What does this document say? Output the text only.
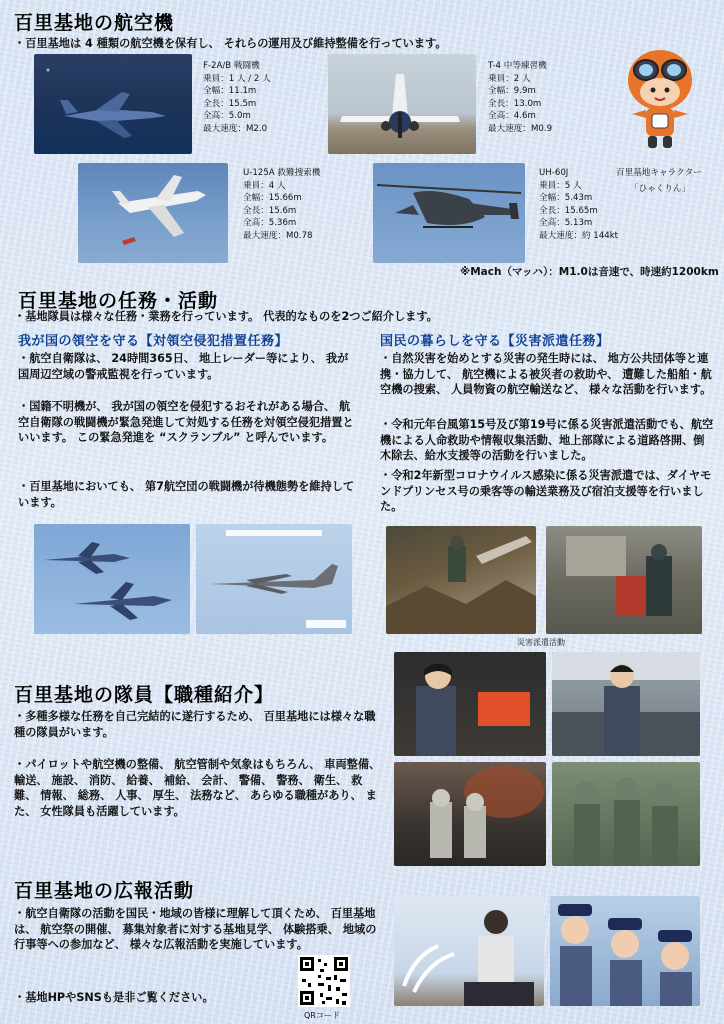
百里基地の航空機
・百里基地は 4 種類の航空機を保有し、 それらの運用及び維持整備を行っています。
F-2A/B 戦闘機
乗員：1 人 / 2 人
全幅：11.1m
全長：15.5m
全高：5.0m
最大速度：M2.0
T-4 中等練習機
乗員：2 人
全幅：9.9m
全長：13.0m
全高：4.6m
最大速度：M0.9
U-125A 救難捜索機
乗員：4 人
全幅：15.66m
全長：15.6m
全高：5.36m
最大速度：M0.78
UH-60J
乗員：5 人
全幅：5.43m
全長：15.65m
全高：5.13m
最大速度：約 144kt
百里基地キャラクター
「ひゃくりん」
※Mach（マッハ）：M1.0は音速で、時速約1200km
百里基地の任務・活動
・基地隊員は様々な任務・業務を行っています。 代表的なものを2つご紹介します。
我が国の領空を守る【対領空侵犯措置任務】
・航空自衛隊は、 24時間365日、 地上レーダー等により、 我が国周辺空域の警戒監視を行っています。
・国籍不明機が、 我が国の領空を侵犯するおそれがある場合、 航空自衛隊の戦闘機が緊急発進して対処する任務を対領空侵犯措置といいます。 この緊急発進を “スクランブル” と呼んでいます。
・百里基地においても、 第7航空団の戦闘機が待機態勢を維持しています。
国民の暮らしを守る【災害派遣任務】
・自然災害を始めとする災害の発生時には、 地方公共団体等と連携・協力して、 航空機による被災者の救助や、 遭難した船舶・航空機の捜索、 人員物資の航空輸送など、 様々な活動を行います。
・令和元年台風第15号及び第19号に係る災害派遣活動でも、航空機による人命救助や情報収集活動、地上部隊による道路啓開、倒木除去、給水支援等の活動を行いました。
・令和2年新型コロナウイルス感染に係る災害派遣では、ダイヤモンドプリンセス号の乗客等の輸送業務及び宿泊支援等を行いました。
災害派遣活動
百里基地の隊員【職種紹介】
・多種多様な任務を自己完結的に遂行するため、 百里基地には様々な職種の隊員がいます。
・パイロットや航空機の整備、 航空管制や気象はもちろん、 車両整備、 輸送、 施設、 消防、 給養、 補給、 会計、 警備、 警務、 衛生、 救難、 情報、 総務、 人事、 厚生、 法務など、 あらゆる職種があり、 また、 女性隊員も活躍しています。
百里基地の広報活動
・航空自衛隊の活動を国民・地域の皆様に理解して頂くため、 百里基地は、 航空祭の開催、 募集対象者に対する基地見学、 体験搭乗、 地域の行事等への参加など、 様々な広報活動を実施しています。
・基地HPやSNSも是非ご覧ください。
QRコード
